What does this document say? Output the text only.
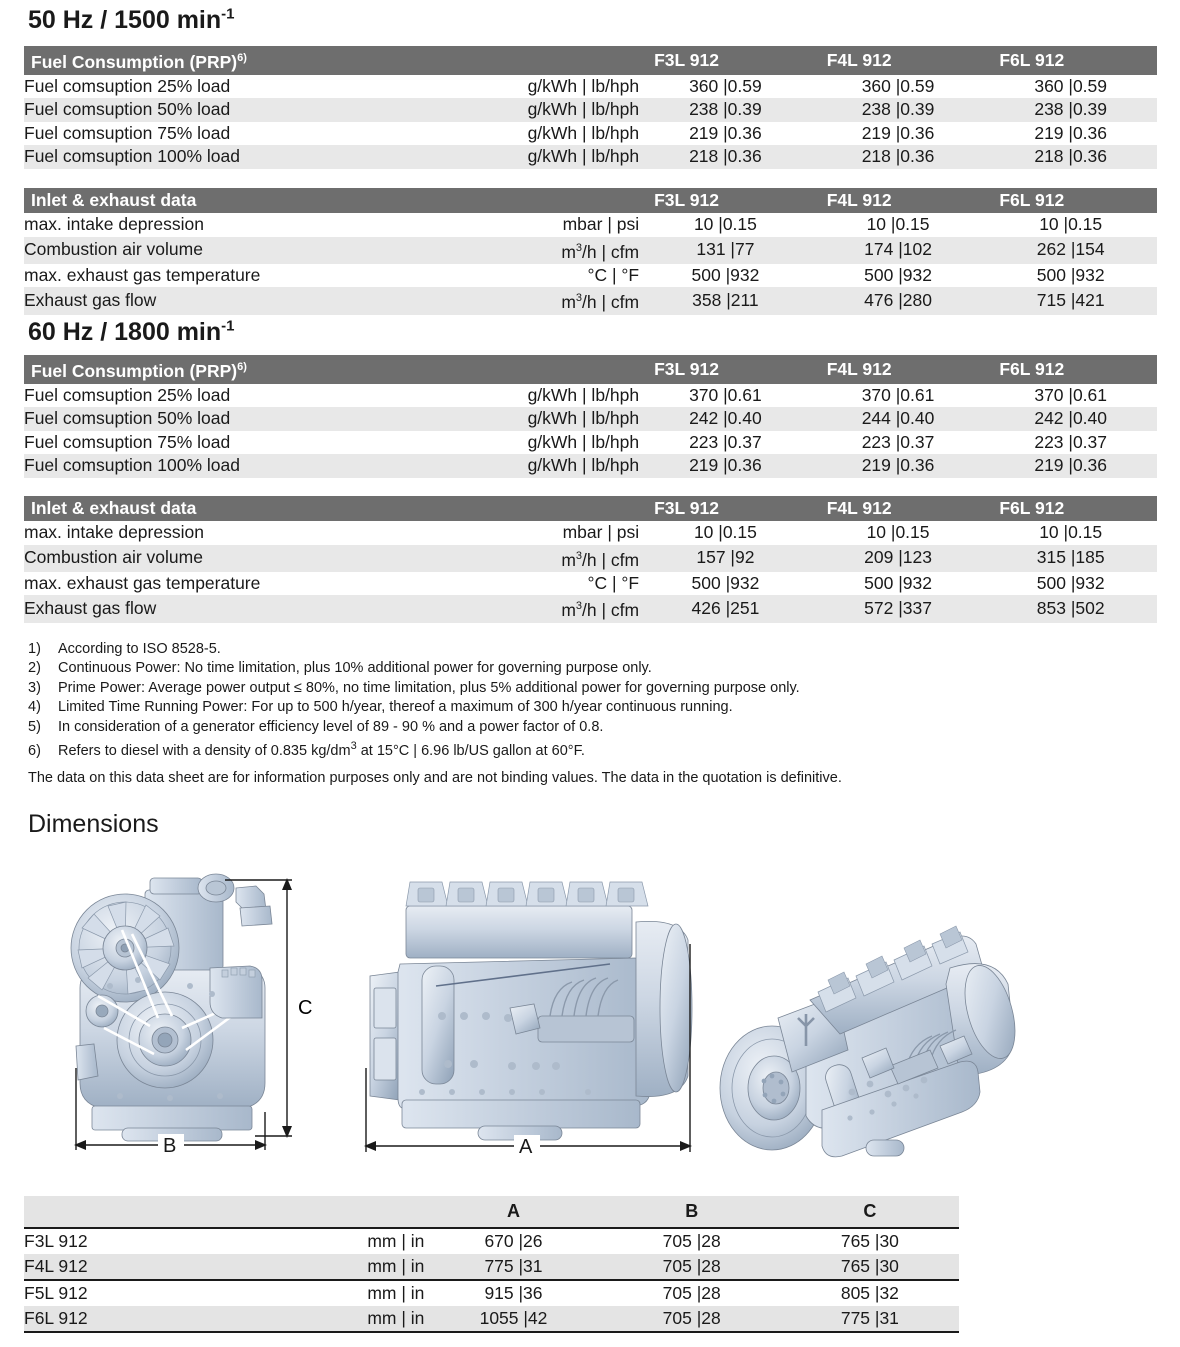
50 Hz / 1500 $\min^{-1}$
Fuel Consumption (PRP)$^{6)}$		F3L 912	F4L 912	F6L 912
Fuel comsuption 25% load	g/kWh | lb/hph	360 |0.59	360 |0.59	360 |0.59
Fuel comsuption 50% load	g/kWh | lb/hph	238 |0.39	238 |0.39	238 |0.39
Fuel comsuption 75% load	g/kWh | lb/hph	219 |0.36	219 |0.36	219 |0.36
Fuel comsuption 100% load	g/kWh | lb/hph	218 |0.36	218 |0.36	218 |0.36
Inlet & exhaust data		F3L 912	F4L 912	F6L 912
max. intake depression	mbar | psi	10 |0.15	10 |0.15	10 |0.15
Combustion air volume	$m^3/h$ | cfm	131 |77	174 |102	262 |154
max. exhaust gas temperature	°C | °F	500 |932	500 |932	500 |932
Exhaust gas flow	$m^3/h$ | cfm	358 |211	476 |280	715 |421
60 Hz / 1800 $\min^{-1}$
Fuel Consumption (PRP)$^{6)}$		F3L 912	F4L 912	F6L 912
Fuel comsuption 25% load	g/kWh | lb/hph	370 |0.61	370 |0.61	370 |0.61
Fuel comsuption 50% load	g/kWh | lb/hph	242 |0.40	244 |0.40	242 |0.40
Fuel comsuption 75% load	g/kWh | lb/hph	223 |0.37	223 |0.37	223 |0.37
Fuel comsuption 100% load	g/kWh | lb/hph	219 |0.36	219 |0.36	219 |0.36
Inlet & exhaust data		F3L 912	F4L 912	F6L 912
max. intake depression	mbar | psi	10 |0.15	10 |0.15	10 |0.15
Combustion air volume	$m^3/h$ | cfm	157 |92	209 |123	315 |185
max. exhaust gas temperature	°C | °F	500 |932	500 |932	500 |932
Exhaust gas flow	$m^3/h$ | cfm	426 |251	572 |337	853 |502
1)	According to ISO 8528-5.
2)	Continuous Power: No time limitation, plus 10% additional power for governing purpose only.
3)	Prime Power: Average power output ≤ 80%, no time limitation, plus 5% additional power for governing purpose only.
4)	Limited Time Running Power: For up to 500 h/year, thereof a maximum of 300 h/year continuous running.
5)	In consideration of a generator efficiency level of 89 - 90 % and a power factor of 0.8.
6)	Refers to diesel with a density of 0.835 $kg/dm^3$ at 15°C | 6.96 lb/US gallon at 60°F.
The data on this data sheet are for information purposes only and are not binding values. The data in the quotation is definitive.
Dimensions
C
B	A
		A	B	C
F3L 912	mm | in	670 |26	705 |28	765 |30
F4L 912	mm | in	775 |31	705 |28	765 |30
F5L 912	mm | in	915 |36	705 |28	805 |32
F6L 912	mm | in	1055 |42	705 |28	775 |31
